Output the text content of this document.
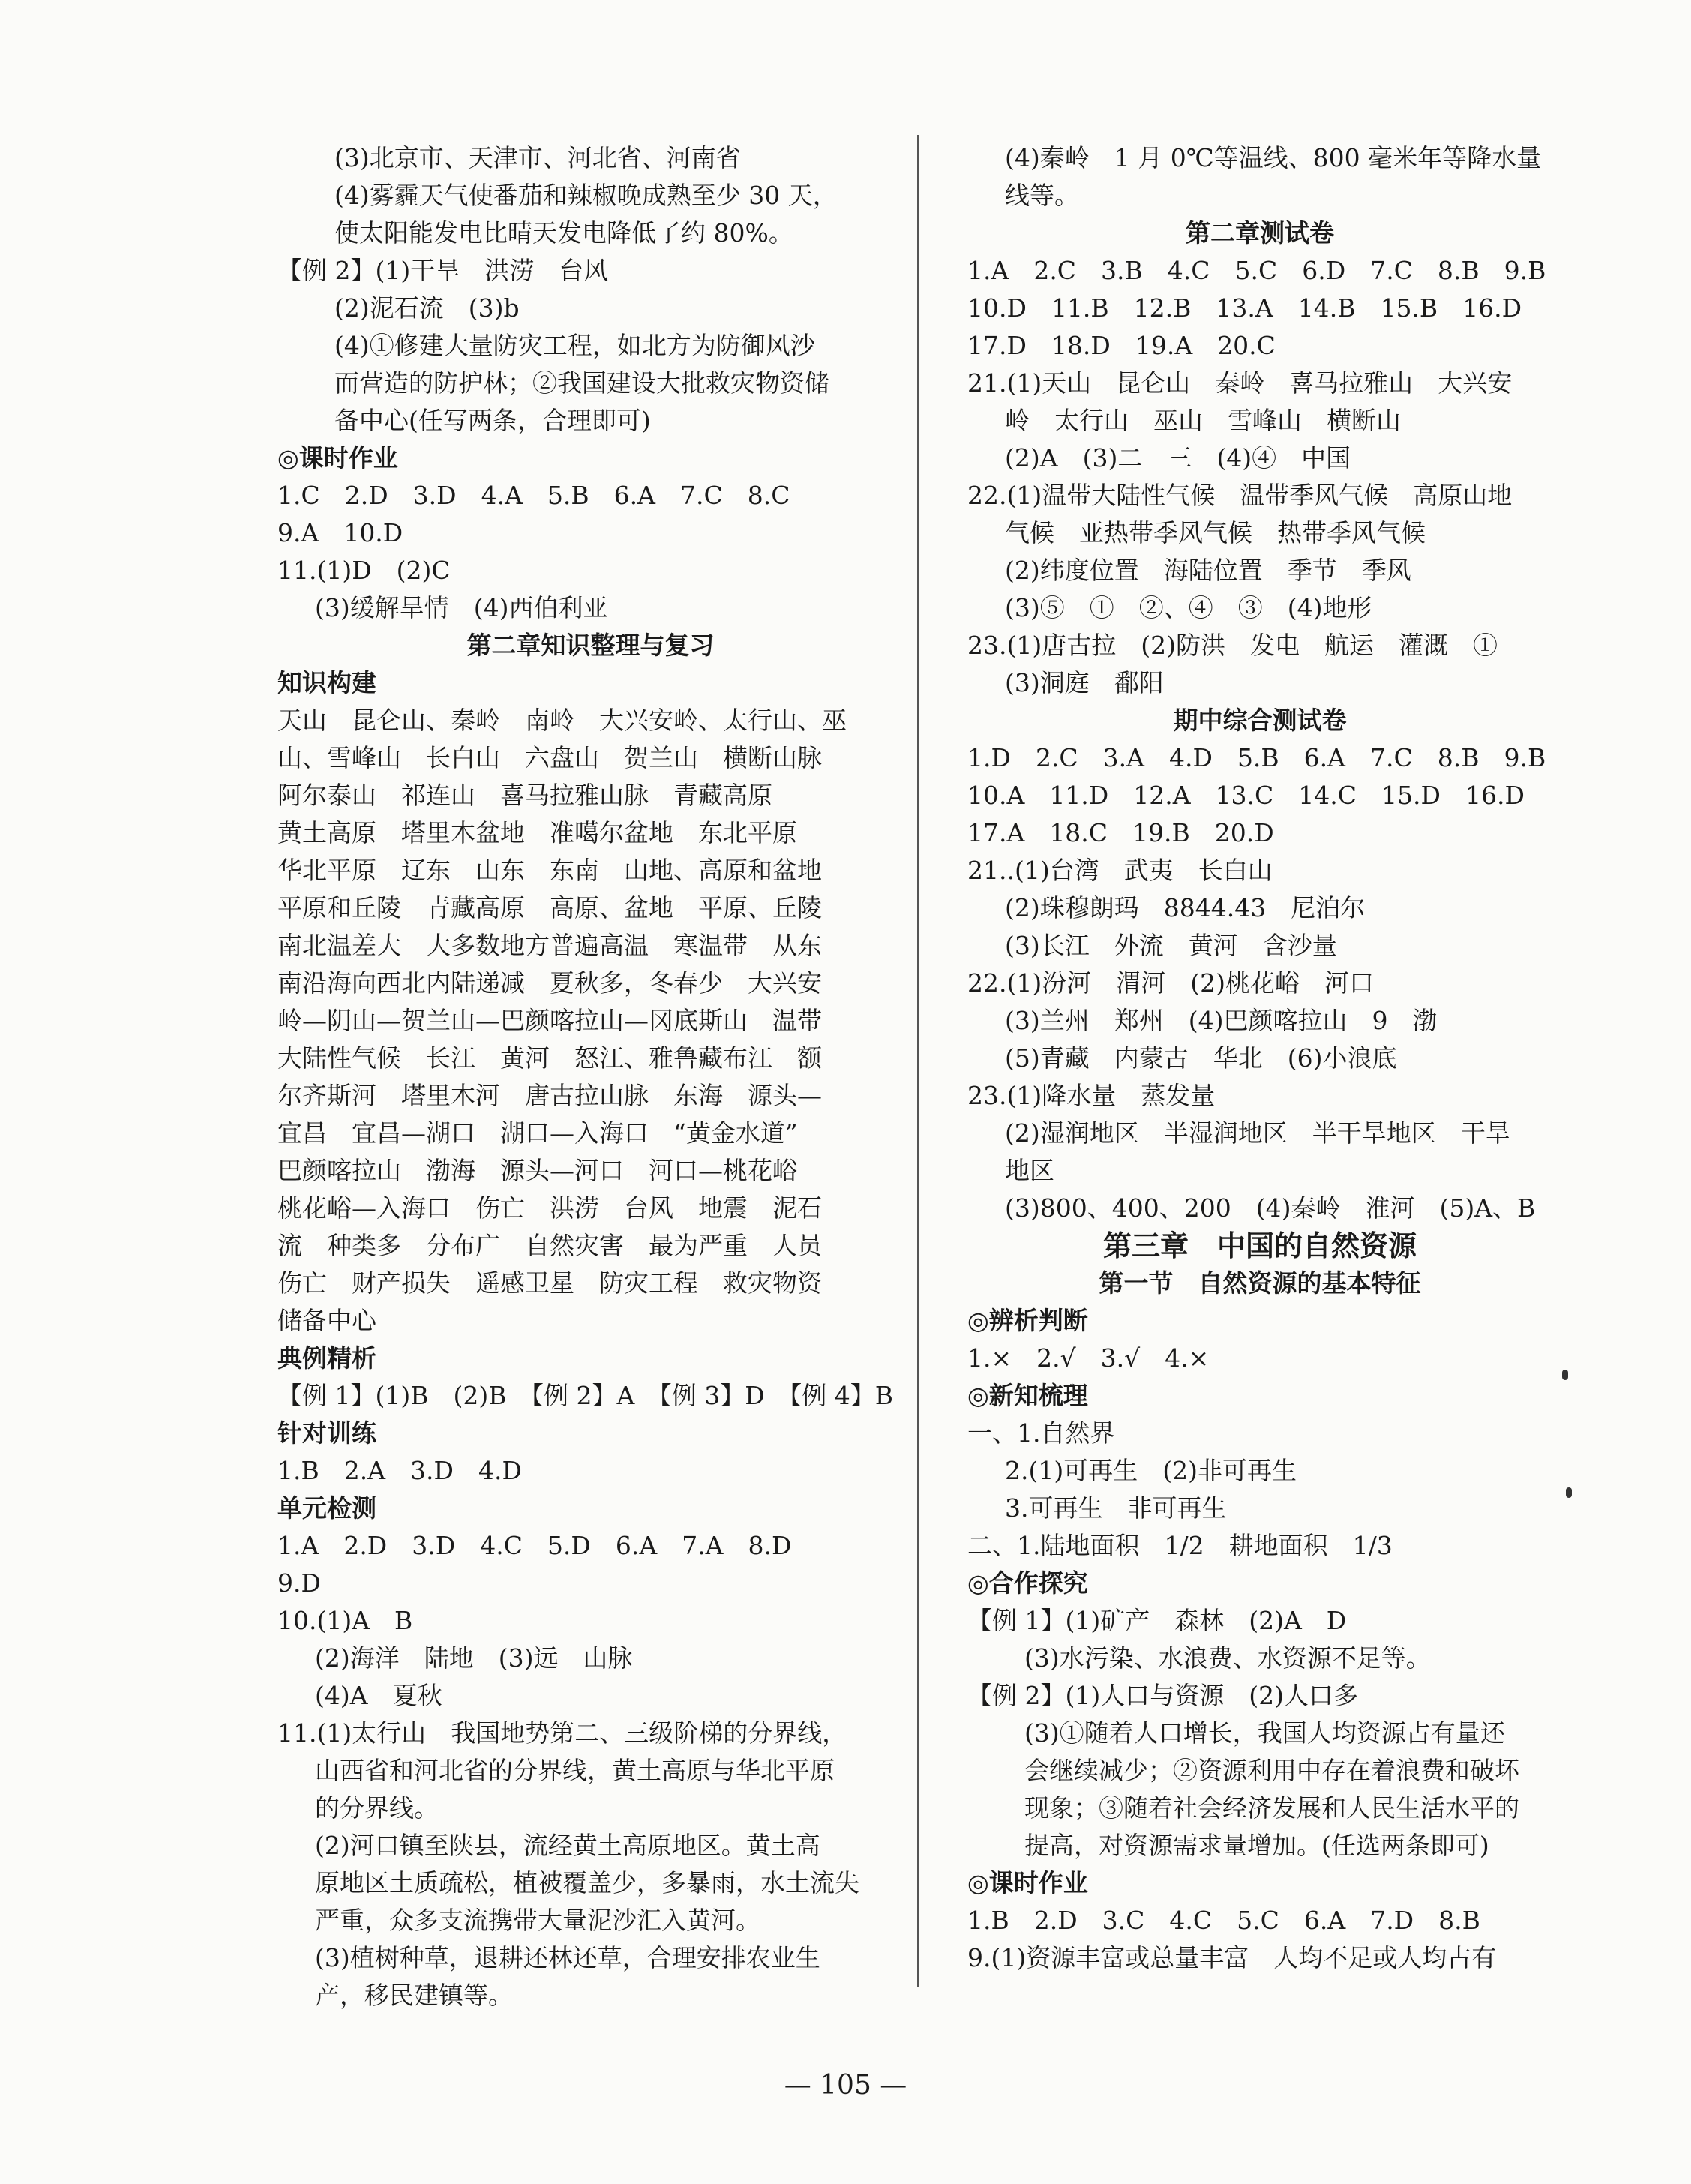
(3)北京市、天津市、河北省、河南省
(4)雾霾天气使番茄和辣椒晚成熟至少 30 天，
使太阳能发电比晴天发电降低了约 80%。
【例 2】(1)干旱　洪涝　台风
(2)泥石流　(3)b
(4)①修建大量防灾工程，如北方为防御风沙
而营造的防护林；②我国建设大批救灾物资储
备中心(任写两条，合理即可)
◎课时作业
1.C　2.D　3.D　4.A　5.B　6.A　7.C　8.C
9.A　10.D
11.(1)D　(2)C
(3)缓解旱情　(4)西伯利亚
第二章知识整理与复习
知识构建
天山　昆仑山、秦岭　南岭　大兴安岭、太行山、巫
山、雪峰山　长白山　六盘山　贺兰山　横断山脉
阿尔泰山　祁连山　喜马拉雅山脉　青藏高原
黄土高原　塔里木盆地　准噶尔盆地　东北平原
华北平原　辽东　山东　东南　山地、高原和盆地
平原和丘陵　青藏高原　高原、盆地　平原、丘陵
南北温差大　大多数地方普遍高温　寒温带　从东
南沿海向西北内陆递减　夏秋多，冬春少　大兴安
岭—阴山—贺兰山—巴颜喀拉山—冈底斯山　温带
大陆性气候　长江　黄河　怒江、雅鲁藏布江　额
尔齐斯河　塔里木河　唐古拉山脉　东海　源头—
宜昌　宜昌—湖口　湖口—入海口　“黄金水道”
巴颜喀拉山　渤海　源头—河口　河口—桃花峪
桃花峪—入海口　伤亡　洪涝　台风　地震　泥石
流　种类多　分布广　自然灾害　最为严重　人员
伤亡　财产损失　遥感卫星　防灾工程　救灾物资
储备中心
典例精析
【例 1】(1)B　(2)B　【例 2】A　【例 3】D　【例 4】B
针对训练
1.B　2.A　3.D　4.D
单元检测
1.A　2.D　3.D　4.C　5.D　6.A　7.A　8.D
9.D
10.(1)A　B
(2)海洋　陆地　(3)远　山脉
(4)A　夏秋
11.(1)太行山　我国地势第二、三级阶梯的分界线，
山西省和河北省的分界线，黄土高原与华北平原
的分界线。
(2)河口镇至陕县，流经黄土高原地区。黄土高
原地区土质疏松，植被覆盖少，多暴雨，水土流失
严重，众多支流携带大量泥沙汇入黄河。
(3)植树种草，退耕还林还草，合理安排农业生
产，移民建镇等。
(4)秦岭　1 月 0℃等温线、800 毫米年等降水量
线等。
第二章测试卷
1.A　2.C　3.B　4.C　5.C　6.D　7.C　8.B　9.B
10.D　11.B　12.B　13.A　14.B　15.B　16.D
17.D　18.D　19.A　20.C
21.(1)天山　昆仑山　秦岭　喜马拉雅山　大兴安
岭　太行山　巫山　雪峰山　横断山
(2)A　(3)二　三　(4)④　中国
22.(1)温带大陆性气候　温带季风气候　高原山地
气候　亚热带季风气候　热带季风气候
(2)纬度位置　海陆位置　季节　季风
(3)⑤　①　②、④　③　(4)地形
23.(1)唐古拉　(2)防洪　发电　航运　灌溉　①
(3)洞庭　鄱阳
期中综合测试卷
1.D　2.C　3.A　4.D　5.B　6.A　7.C　8.B　9.B
10.A　11.D　12.A　13.C　14.C　15.D　16.D
17.A　18.C　19.B　20.D
21..(1)台湾　武夷　长白山
(2)珠穆朗玛　8844.43　尼泊尔
(3)长江　外流　黄河　含沙量
22.(1)汾河　渭河　(2)桃花峪　河口
(3)兰州　郑州　(4)巴颜喀拉山　9　渤
(5)青藏　内蒙古　华北　(6)小浪底
23.(1)降水量　蒸发量
(2)湿润地区　半湿润地区　半干旱地区　干旱
地区
(3)800、400、200　(4)秦岭　淮河　(5)A、B
第三章　中国的自然资源
第一节　自然资源的基本特征
◎辨析判断
1.×　2.√　3.√　4.×
◎新知梳理
一、1.自然界
2.(1)可再生　(2)非可再生
3.可再生　非可再生
二、1.陆地面积　1/2　耕地面积　1/3
◎合作探究
【例 1】(1)矿产　森林　(2)A　D
(3)水污染、水浪费、水资源不足等。
【例 2】(1)人口与资源　(2)人口多
(3)①随着人口增长，我国人均资源占有量还
会继续减少；②资源利用中存在着浪费和破坏
现象；③随着社会经济发展和人民生活水平的
提高，对资源需求量增加。(任选两条即可)
◎课时作业
1.B　2.D　3.C　4.C　5.C　6.A　7.D　8.B
9.(1)资源丰富或总量丰富　人均不足或人均占有
— 105 —
